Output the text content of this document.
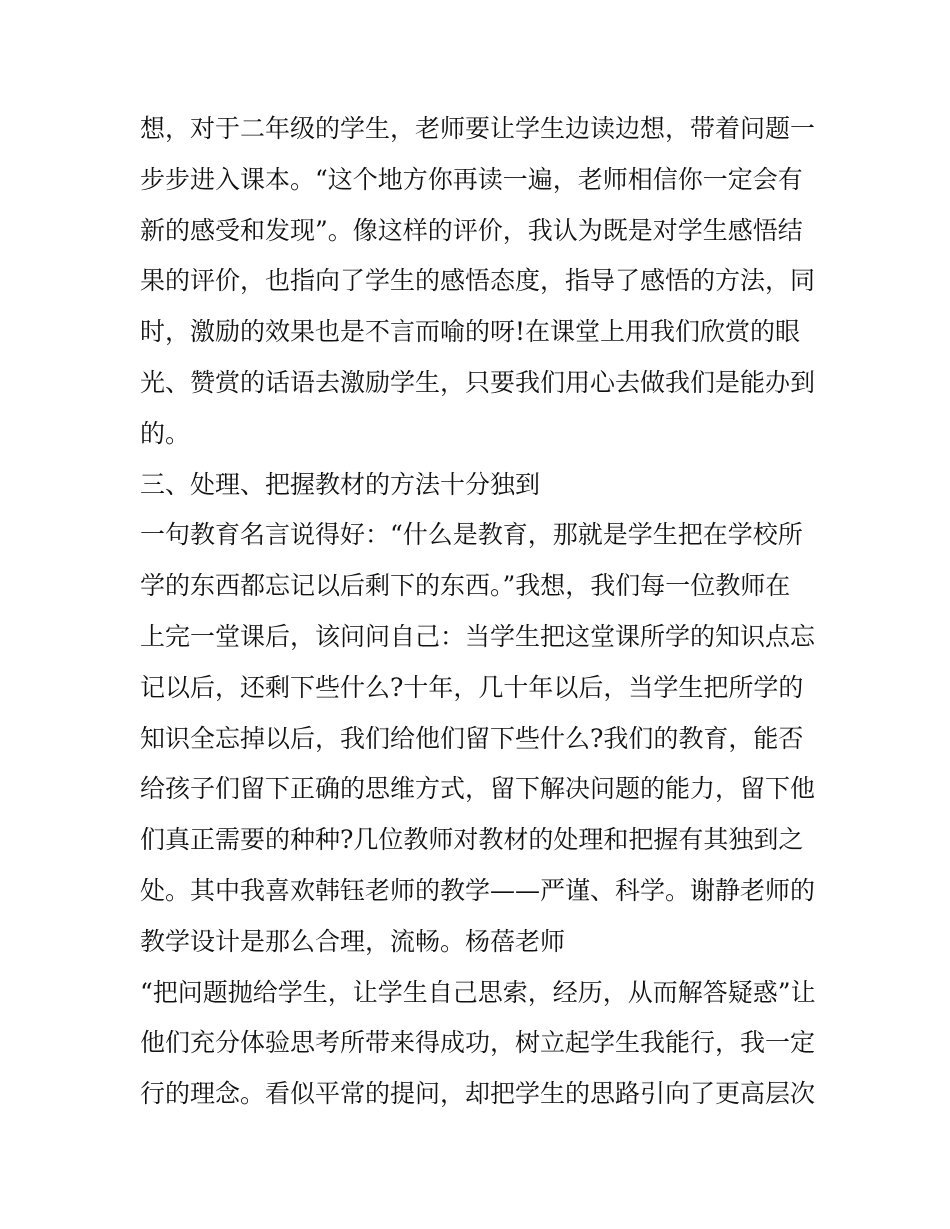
想，对于二年级的学生，老师要让学生边读边想，带着问题一
步步进入课本。“这个地方你再读一遍，老师相信你一定会有
新的感受和发现”。像这样的评价，我认为既是对学生感悟结
果的评价，也指向了学生的感悟态度，指导了感悟的方法，同
时，激励的效果也是不言而喻的呀!在课堂上用我们欣赏的眼
光、赞赏的话语去激励学生，只要我们用心去做我们是能办到
的。
三、处理、把握教材的方法十分独到
一句教育名言说得好：“什么是教育，那就是学生把在学校所
学的东西都忘记以后剩下的东西。”我想，我们每一位教师在
上完一堂课后，该问问自己：当学生把这堂课所学的知识点忘
记以后，还剩下些什么?十年，几十年以后，当学生把所学的
知识全忘掉以后，我们给他们留下些什么?我们的教育，能否
给孩子们留下正确的思维方式，留下解决问题的能力，留下他
们真正需要的种种?几位教师对教材的处理和把握有其独到之
处。其中我喜欢韩钰老师的教学——严谨、科学。谢静老师的
教学设计是那么合理，流畅。杨蓓老师
“把问题抛给学生，让学生自己思索，经历，从而解答疑惑”让
他们充分体验思考所带来得成功，树立起学生我能行，我一定
行的理念。看似平常的提问，却把学生的思路引向了更高层次
